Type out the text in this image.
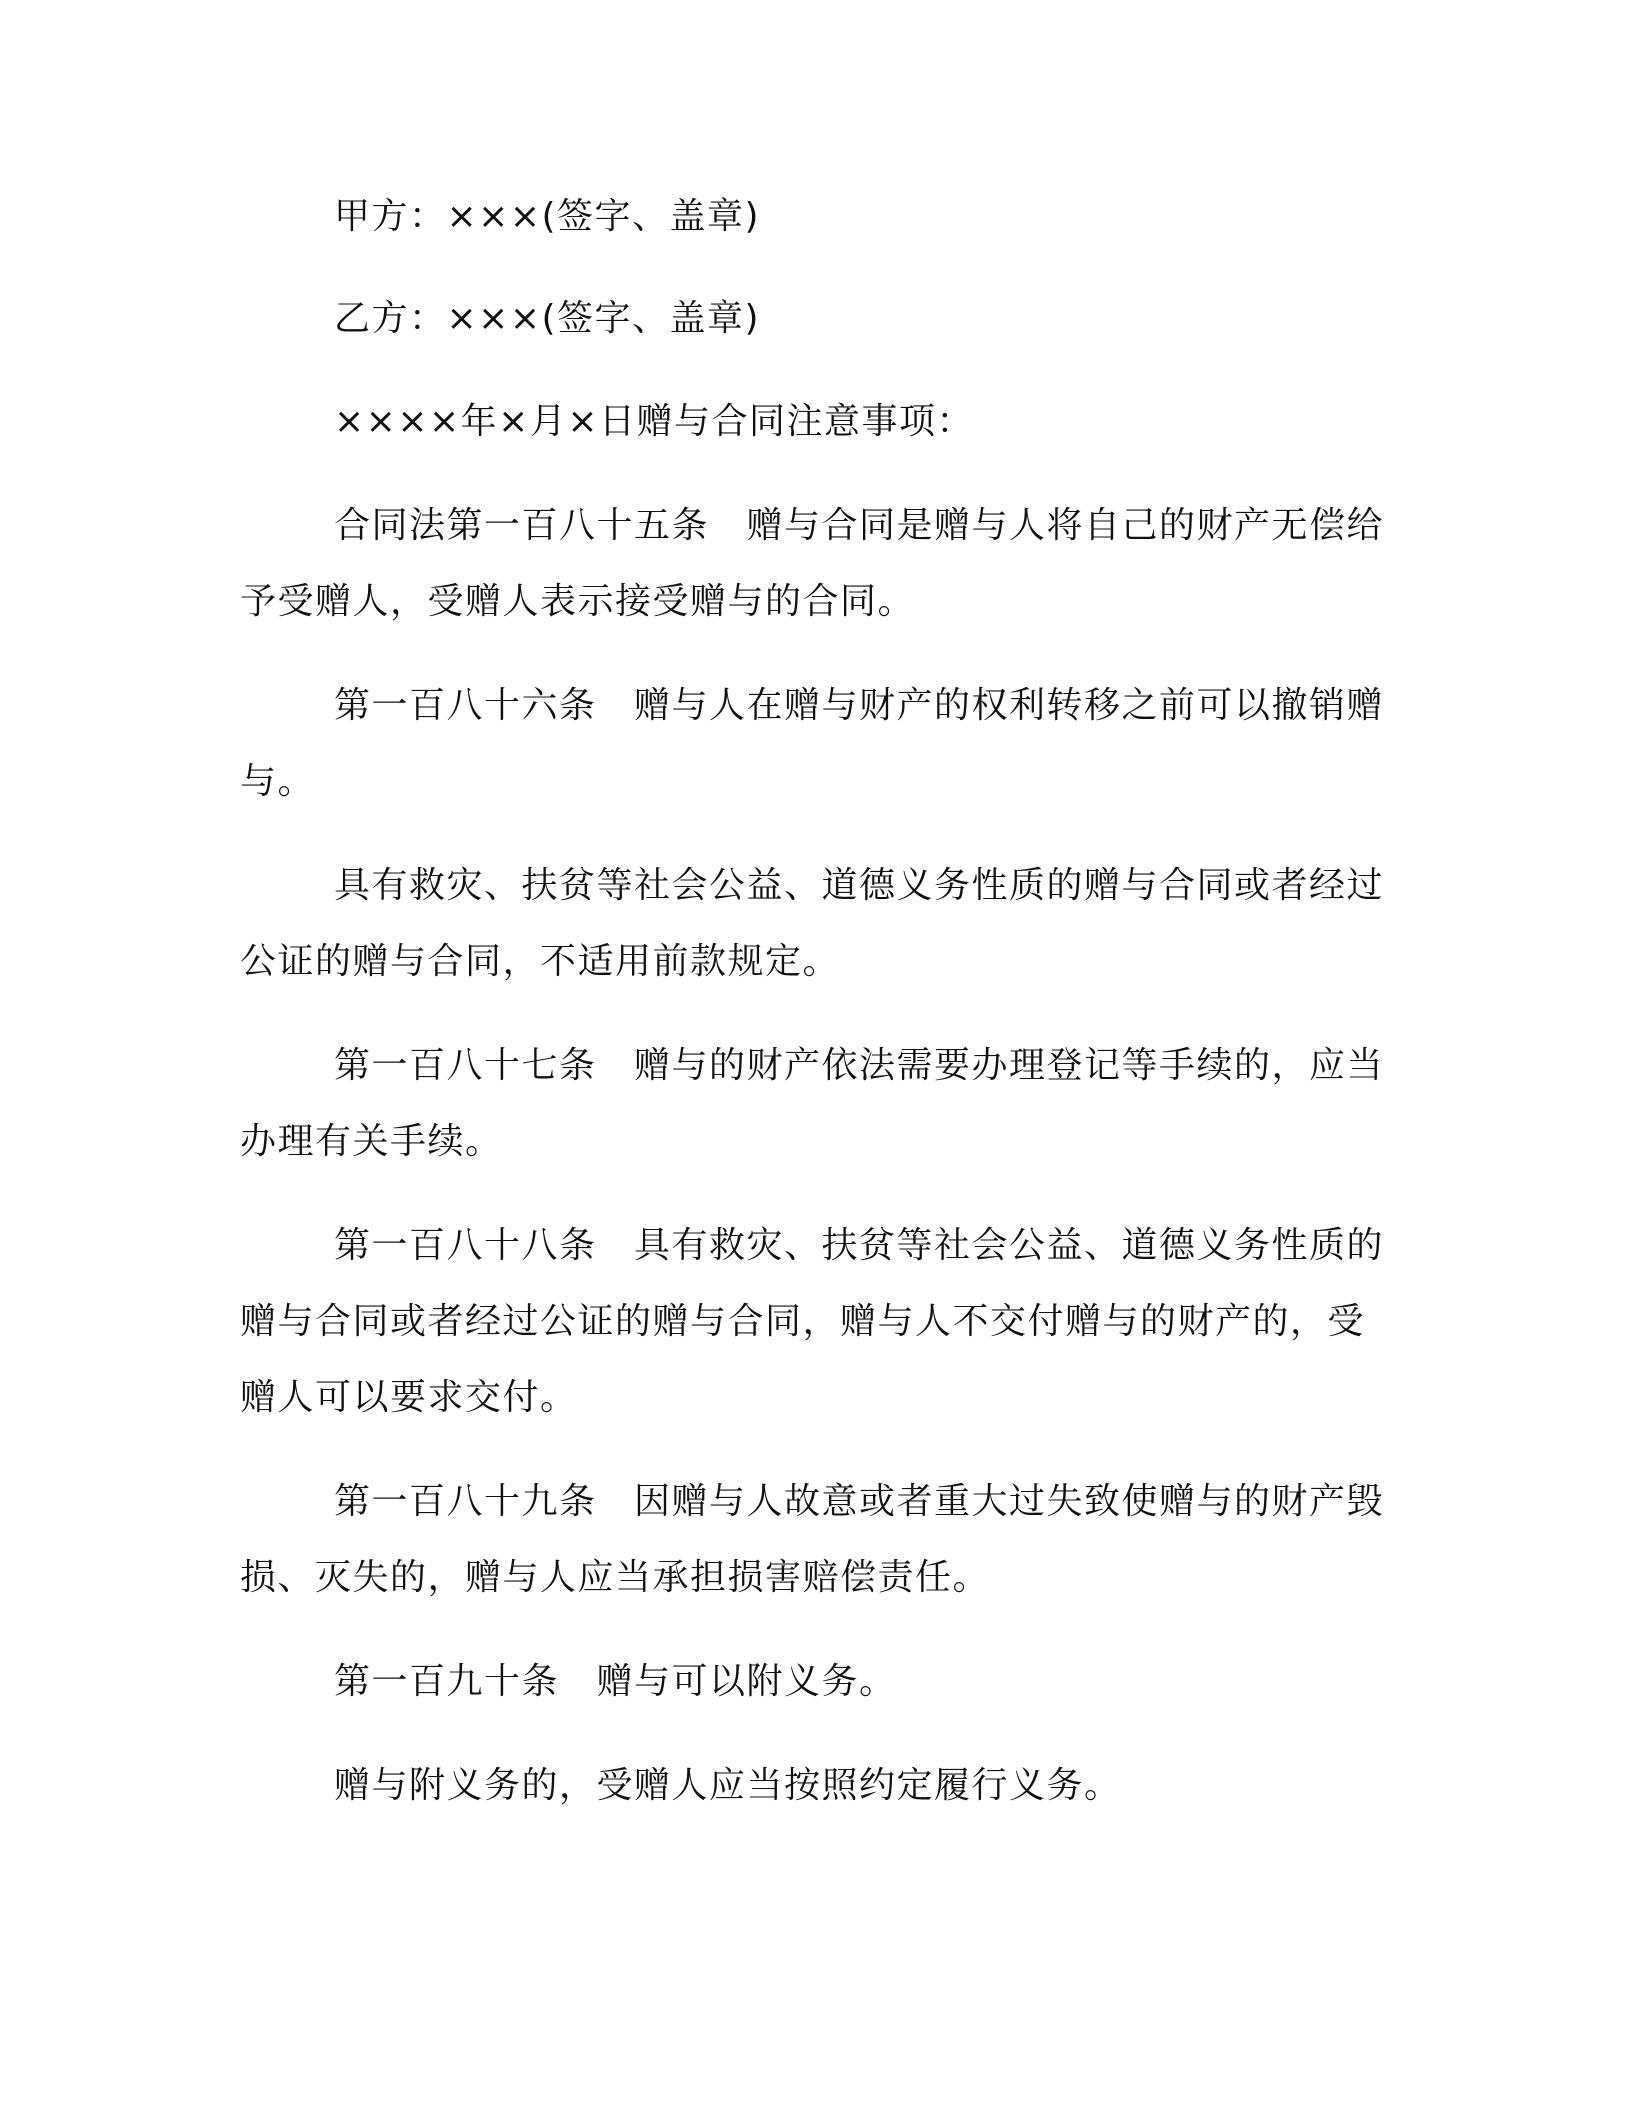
甲方：×××(签字、盖章)
乙方：×××(签字、盖章)
××××年×月×日赠与合同注意事项：
合同法第一百八十五条　赠与合同是赠与人将自己的财产无偿给
予受赠人，受赠人表示接受赠与的合同。
第一百八十六条　赠与人在赠与财产的权利转移之前可以撤销赠
与。
具有救灾、扶贫等社会公益、道德义务性质的赠与合同或者经过
公证的赠与合同，不适用前款规定。
第一百八十七条　赠与的财产依法需要办理登记等手续的，应当
办理有关手续。
第一百八十八条　具有救灾、扶贫等社会公益、道德义务性质的
赠与合同或者经过公证的赠与合同，赠与人不交付赠与的财产的，受
赠人可以要求交付。
第一百八十九条　因赠与人故意或者重大过失致使赠与的财产毁
损、灭失的，赠与人应当承担损害赔偿责任。
第一百九十条　赠与可以附义务。
赠与附义务的，受赠人应当按照约定履行义务。
